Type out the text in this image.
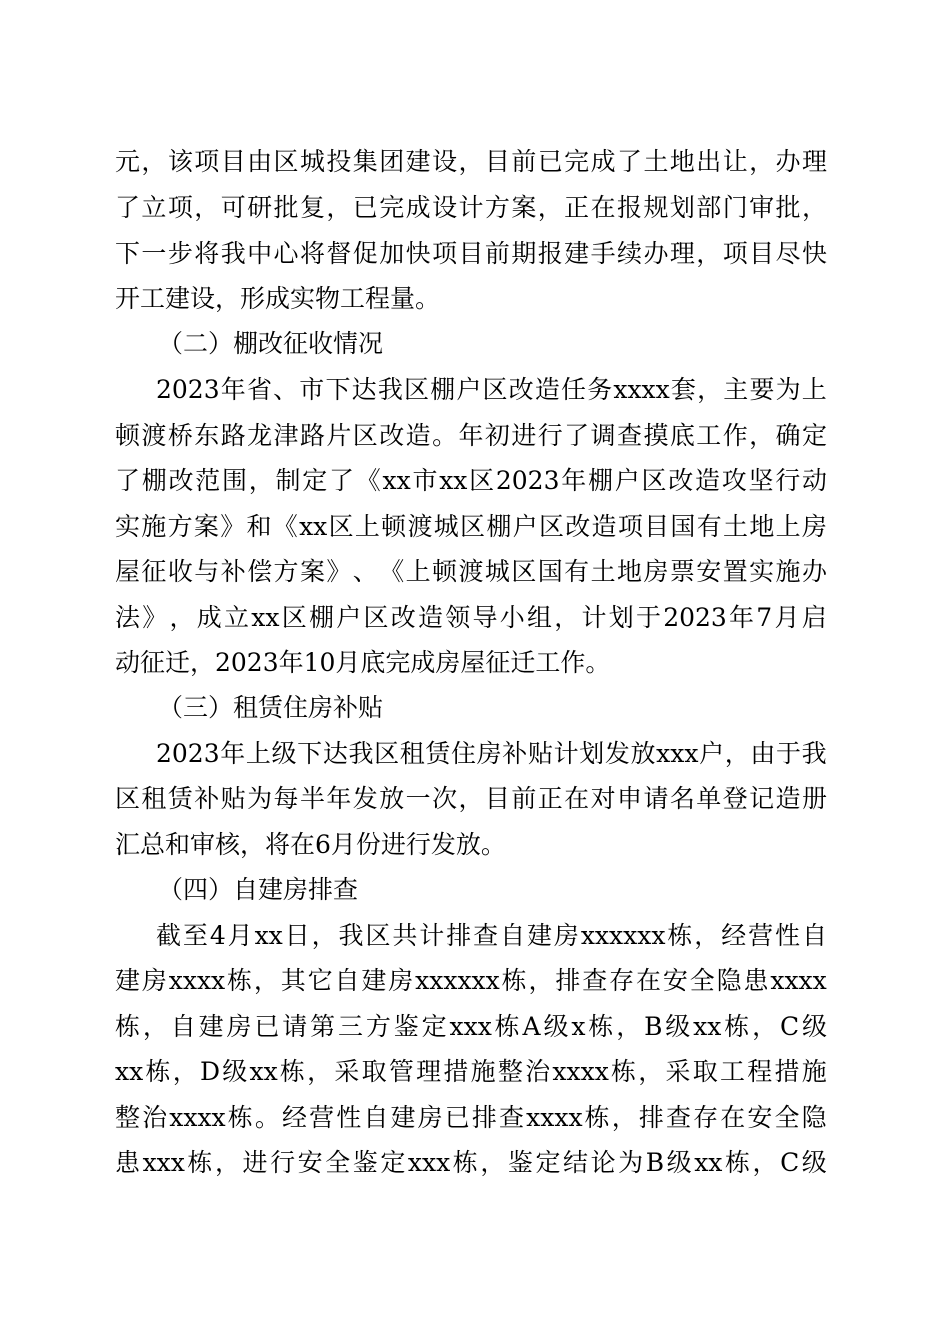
元 ， 该 项 目 由 区 城 投 集 团 建 设 ， 目 前 已 完 成 了 土 地 出 让 ， 办 理
了 立 项 ， 可 研 批 复 ， 已 完 成 设 计 方 案 ， 正 在 报 规 划 部 门 审 批 ，
下 一 步 将 我 中 心 将 督 促 加 快 项 目 前 期 报 建 手 续 办 理 ， 项 目 尽 快
开工建设，形成实物工程量。
（二）棚改征收情况
2023 年 省 、 市 下 达 我 区 棚 户 区 改 造 任 务 xxxx 套 ， 主 要 为 上
顿 渡 桥 东 路 龙 津 路 片 区 改 造 。 年 初 进 行 了 调 查 摸 底 工 作 ， 确 定
了 棚 改 范 围 ， 制 定 了 《 xx 市 xx 区 2023 年 棚 户 区 改 造 攻 坚 行 动
实 施 方 案 》 和 《 xx 区 上 顿 渡 城 区 棚 户 区 改 造 项 目 国 有 土 地 上 房
屋 征 收 与 补 偿 方 案 》 、 《 上 顿 渡 城 区 国 有 土 地 房 票 安 置 实 施 办
法 》 ， 成 立 xx 区 棚 户 区 改 造 领 导 小 组 ， 计 划 于 2023 年 7 月 启
动征迁，2023年10月底完成房屋征迁工作。
（三）租赁住房补贴
2023 年 上 级 下 达 我 区 租 赁 住 房 补 贴 计 划 发 放 xxx 户 ， 由 于 我
区 租 赁 补 贴 为 每 半 年 发 放 一 次 ， 目 前 正 在 对 申 请 名 单 登 记 造 册
汇总和审核，将在6月份进行发放。
（四）自建房排查
截 至 4 月 xx 日 ， 我 区 共 计 排 查 自 建 房 xxxxxx 栋 ， 经 营 性 自
建 房 xxxx 栋 ， 其 它 自 建 房 xxxxxx 栋 ， 排 查 存 在 安 全 隐 患 xxxx
栋 ， 自 建 房 已 请 第 三 方 鉴 定 xxx 栋 A 级 x 栋 ， B 级 xx 栋 ， C 级
xx 栋 ， D 级 xx 栋 ， 采 取 管 理 措 施 整 治 xxxx 栋 ， 采 取 工 程 措 施
整 治 xxxx 栋 。 经 营 性 自 建 房 已 排 查 xxxx 栋 ， 排 查 存 在 安 全 隐
患 xxx 栋 ， 进 行 安 全 鉴 定 xxx 栋 ， 鉴 定 结 论 为 B 级 xx 栋 ， C 级
